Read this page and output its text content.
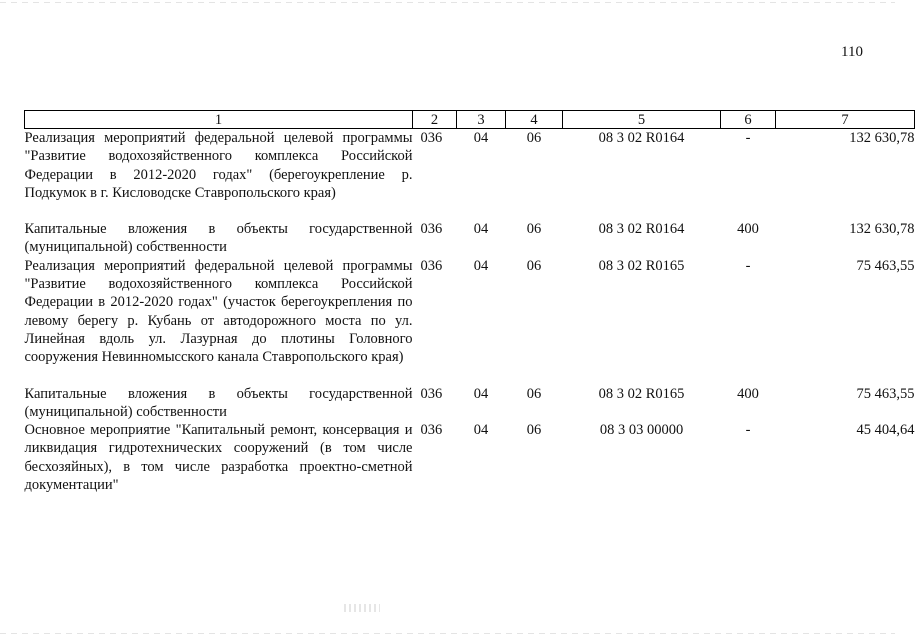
110
1	2	3	4	5	6	7
Реализация мероприятий федеральной целевой программы "Развитие водохозяйственного комплекса Российской Федерации в 2012-2020 годах" (берегоукрепление р. Подкумок в г. Кисловодске Ставропольского края)	036	04	06	08 3 02 R0164	-	132 630,78
Капитальные вложения в объекты государственной (муниципальной) собственности	036	04	06	08 3 02 R0164	400	132 630,78
Реализация мероприятий федеральной целевой программы "Развитие водохозяйственного комплекса Российской Федерации в 2012-2020 годах" (участок берегоукрепления по левому берегу р. Кубань от автодорожного моста по ул. Линейная вдоль ул. Лазурная до плотины Головного сооружения Невинномысского канала Ставропольского края)	036	04	06	08 3 02 R0165	-	75 463,55
Капитальные вложения в объекты государственной (муниципальной) собственности	036	04	06	08 3 02 R0165	400	75 463,55
Основное мероприятие "Капитальный ремонт, консервация и ликвидация гидротехнических сооружений (в том числе бесхозяйных), в том числе разработка проектно-сметной документации"	036	04	06	08 3 03 00000	-	45 404,64
